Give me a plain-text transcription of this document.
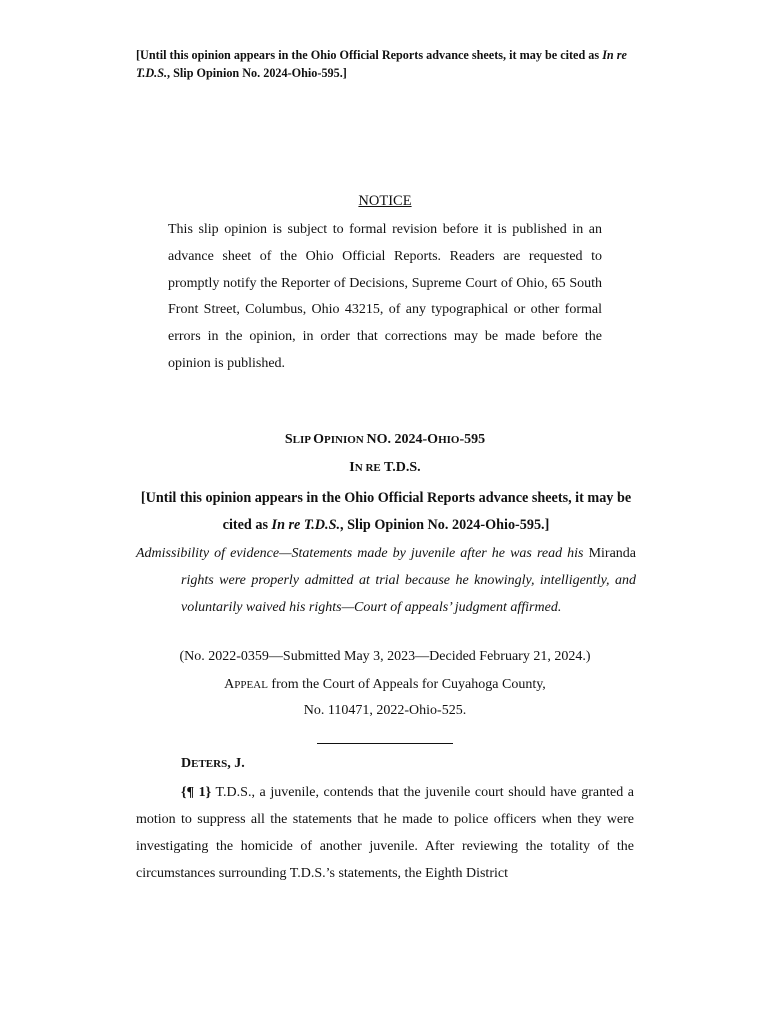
[Until this opinion appears in the Ohio Official Reports advance sheets, it may be cited as In re T.D.S., Slip Opinion No. 2024-Ohio-595.]
NOTICE
This slip opinion is subject to formal revision before it is published in an advance sheet of the Ohio Official Reports. Readers are requested to promptly notify the Reporter of Decisions, Supreme Court of Ohio, 65 South Front Street, Columbus, Ohio 43215, of any typographical or other formal errors in the opinion, in order that corrections may be made before the opinion is published.
SLIP OPINION NO. 2024-OHIO-595
IN RE T.D.S.
[Until this opinion appears in the Ohio Official Reports advance sheets, it may be cited as In re T.D.S., Slip Opinion No. 2024-Ohio-595.]
Admissibility of evidence—Statements made by juvenile after he was read his Miranda rights were properly admitted at trial because he knowingly, intelligently, and voluntarily waived his rights—Court of appeals’ judgment affirmed.
(No. 2022-0359—Submitted May 3, 2023—Decided February 21, 2024.)
APPEAL from the Court of Appeals for Cuyahoga County,
No. 110471, 2022-Ohio-525.
DETERS, J.

{¶ 1} T.D.S., a juvenile, contends that the juvenile court should have granted a motion to suppress all the statements that he made to police officers when they were investigating the homicide of another juvenile. After reviewing the totality of the circumstances surrounding T.D.S.’s statements, the Eighth District
